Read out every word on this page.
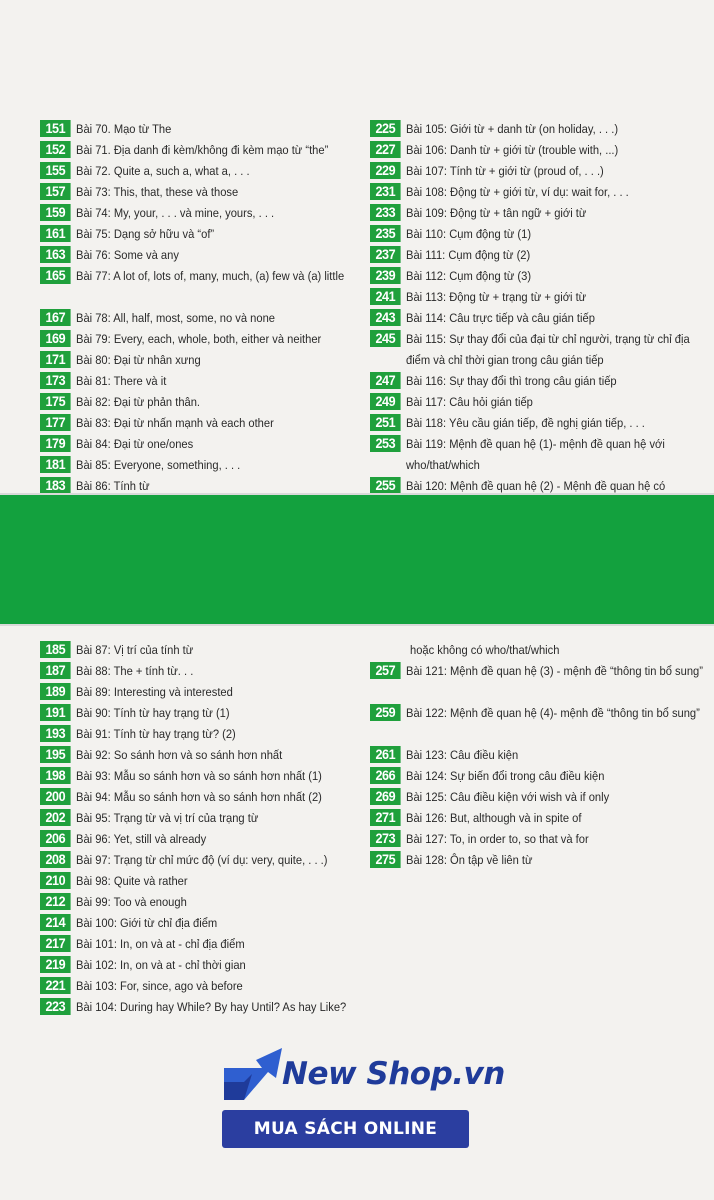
151 Bài 70. Mạo từ The
152 Bài 71. Địa danh đi kèm/không đi kèm mạo từ “the”
155 Bài 72. Quite a, such a, what a, . . .
157 Bài 73: This, that, these và those
159 Bài 74: My, your, . . . và mine, yours, . . .
161 Bài 75: Dạng sở hữu và “of”
163 Bài 76: Some và any
165 Bài 77: A lot of, lots of, many, much, (a) few và (a) little
167 Bài 78: All, half, most, some, no và none
169 Bài 79: Every, each, whole, both, either và neither
171 Bài 80: Đại từ nhân xưng
173 Bài 81: There và it
175 Bài 82: Đại từ phản thân.
177 Bài 83: Đại từ nhấn mạnh và each other
179 Bài 84: Đại từ one/ones
181 Bài 85: Everyone, something, . . .
183 Bài 86: Tính từ
225 Bài 105: Giới từ + danh từ (on holiday, . . .)
227 Bài 106: Danh từ + giới từ (trouble with, ...)
229 Bài 107: Tính từ + giới từ (proud of, . . .)
231 Bài 108: Động từ + giới từ, ví dụ: wait for, . . .
233 Bài 109: Động từ + tân ngữ + giới từ
235 Bài 110: Cụm động từ (1)
237 Bài 111: Cụm động từ (2)
239 Bài 112: Cụm động từ (3)
241 Bài 113: Động từ + trạng từ + giới từ
243 Bài 114: Câu trực tiếp và câu gián tiếp
245 Bài 115: Sự thay đổi của đại từ chỉ người, trạng từ chỉ địa điểm và chỉ thời gian trong câu gián tiếp
247 Bài 116: Sự thay đổi thì trong câu gián tiếp
249 Bài 117: Câu hỏi gián tiếp
251 Bài 118: Yêu cầu gián tiếp, đề nghị gián tiếp, . . .
253 Bài 119: Mệnh đề quan hệ (1)- mệnh đề quan hệ với who/that/which
255 Bài 120: Mệnh đề quan hệ (2) - Mệnh đề quan hệ có
185 Bài 87: Vị trí của tính từ
187 Bài 88: The + tính từ. . .
189 Bài 89: Interesting và interested
191 Bài 90: Tính từ hay trạng từ (1)
193 Bài 91: Tính từ hay trạng từ? (2)
195 Bài 92: So sánh hơn và so sánh hơn nhất
198 Bài 93: Mẫu so sánh hơn và so sánh hơn nhất (1)
200 Bài 94: Mẫu so sánh hơn và so sánh hơn nhất (2)
202 Bài 95: Trạng từ và vị trí của trạng từ
206 Bài 96: Yet, still và already
208 Bài 97: Trạng từ chỉ mức độ (ví dụ: very, quite, . . .)
210 Bài 98: Quite và rather
212 Bài 99: Too và enough
214 Bài 100: Giới từ chỉ địa điểm
217 Bài 101: In, on và at - chỉ địa điểm
219 Bài 102: In, on và at - chỉ thời gian
221 Bài 103: For, since, ago và before
223 Bài 104: During hay While? By hay Until? As hay Like?
257 Bài 121: Mệnh đề quan hệ (3) - mệnh đề “thông tin bổ sung”
259 Bài 122: Mệnh đề quan hệ (4)- mệnh đề “thông tin bổ sung”
261 Bài 123: Câu điều kiện
266 Bài 124: Sự biến đổi trong câu điều kiện
269 Bài 125: Câu điều kiện với wish và if only
271 Bài 126: But, although và in spite of
273 Bài 127: To, in order to, so that và for
275 Bài 128: Ôn tập về liên từ
hoặc không có who/that/which
New Shop.vn
MUA SÁCH ONLINE
